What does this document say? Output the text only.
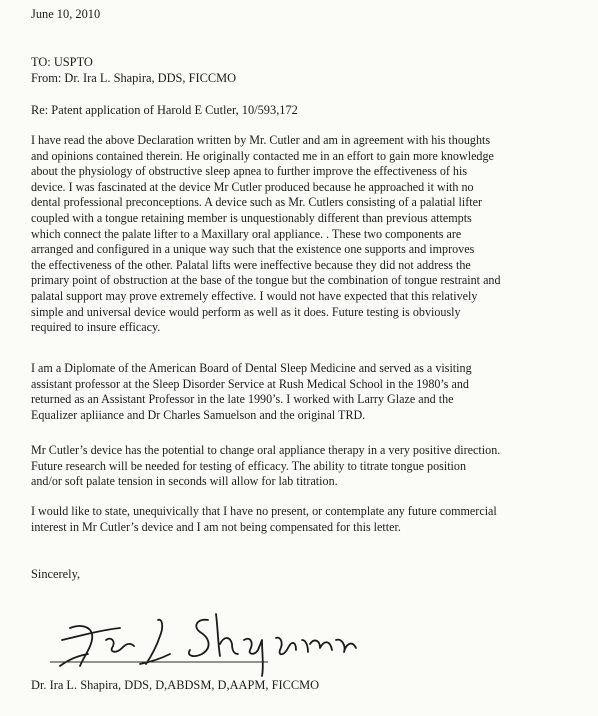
June 10, 2010
TO: USPTO
From: Dr. Ira L. Shapira, DDS, FICCMO
Re: Patent application of Harold E Cutler, 10/593,172
I have read the above Declaration written by Mr. Cutler and am in agreement with his thoughts
and opinions contained therein. He originally contacted me in an effort to gain more knowledge
about the physiology of obstructive sleep apnea to further improve the effectiveness of his
device. I was fascinated at the device Mr Cutler produced because he approached it with no
dental professional preconceptions. A device such as Mr. Cutlers consisting of a palatial lifter
coupled with a tongue retaining member is unquestionably different than previous attempts
which connect the palate lifter to a Maxillary oral appliance. . These two components are
arranged and configured in a unique way such that the existence one supports and improves
the effectiveness of the other. Palatal lifts were ineffective because they did not address the
primary point of obstruction at the base of the tongue but the combination of tongue restraint and
palatal support may prove extremely effective. I would not have expected that this relatively
simple and universal device would perform as well as it does. Future testing is obviously
required to insure efficacy.
I am a Diplomate of the American Board of Dental Sleep Medicine and served as a visiting
assistant professor at the Sleep Disorder Service at Rush Medical School in the 1980’s and
returned as an Assistant Professor in the late 1990’s. I worked with Larry Glaze and the
Equalizer apliiance and Dr Charles Samuelson and the original TRD.
Mr Cutler’s device has the potential to change oral appliance therapy in a very positive direction.
Future research will be needed for testing of efficacy. The ability to titrate tongue position
and/or soft palate tension in seconds will allow for lab titration.
I would like to state, unequivically that I have no present, or contemplate any future commercial
interest in Mr Cutler’s device and I am not being compensated for this letter.
Sincerely,
Dr. Ira L. Shapira, DDS, D,ABDSM, D,AAPM, FICCMO
